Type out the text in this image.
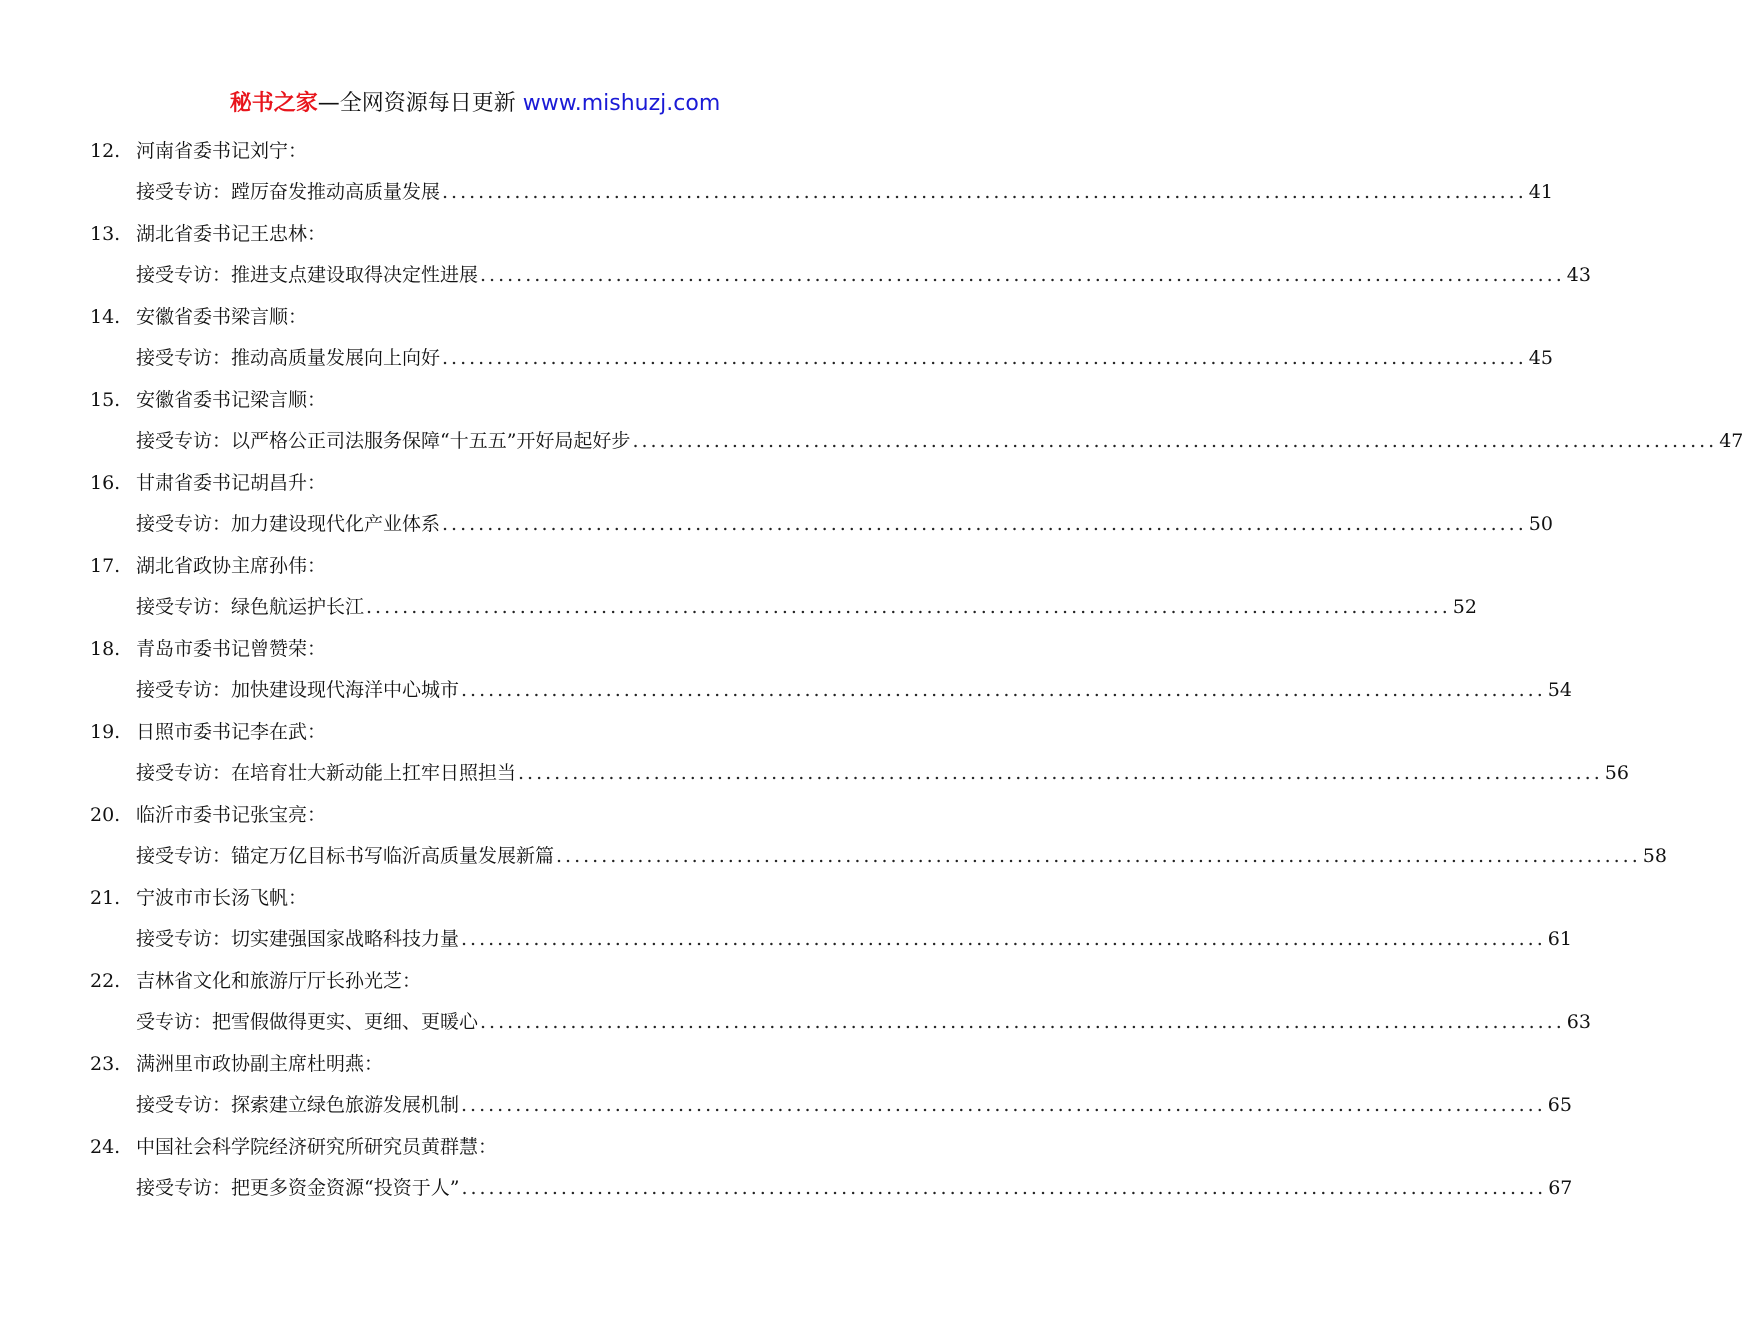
秘书之家—全网资源每日更新 www.mishuzj.com
12. 河南省委书记刘宁：
接受专访：蹚厉奋发推动高质量发展 ........................................................................................................................ 41
13. 湖北省委书记王忠林：
接受专访：推进支点建设取得决定性进展 ........................................................................................................................ 43
14. 安徽省委书梁言顺：
接受专访：推动高质量发展向上向好 ........................................................................................................................ 45
15. 安徽省委书记梁言顺：
接受专访：以严格公正司法服务保障“十五五”开好局起好步 ........................................................................................................................ 47
16. 甘肃省委书记胡昌升：
接受专访：加力建设现代化产业体系 ........................................................................................................................ 50
17. 湖北省政协主席孙伟：
接受专访：绿色航运护长江 ........................................................................................................................ 52
18. 青岛市委书记曾赞荣：
接受专访：加快建设现代海洋中心城市 ........................................................................................................................ 54
19. 日照市委书记李在武：
接受专访：在培育壮大新动能上扛牢日照担当 ........................................................................................................................ 56
20. 临沂市委书记张宝亮：
接受专访：锚定万亿目标书写临沂高质量发展新篇 ........................................................................................................................ 58
21. 宁波市市长汤飞帆：
接受专访：切实建强国家战略科技力量 ........................................................................................................................ 61
22. 吉林省文化和旅游厅厅长孙光芝：
受专访：把雪假做得更实、更细、更暖心 ........................................................................................................................ 63
23. 满洲里市政协副主席杜明燕：
接受专访：探索建立绿色旅游发展机制 ........................................................................................................................ 65
24. 中国社会科学院经济研究所研究员黄群慧：
接受专访：把更多资金资源“投资于人” ........................................................................................................................ 67
